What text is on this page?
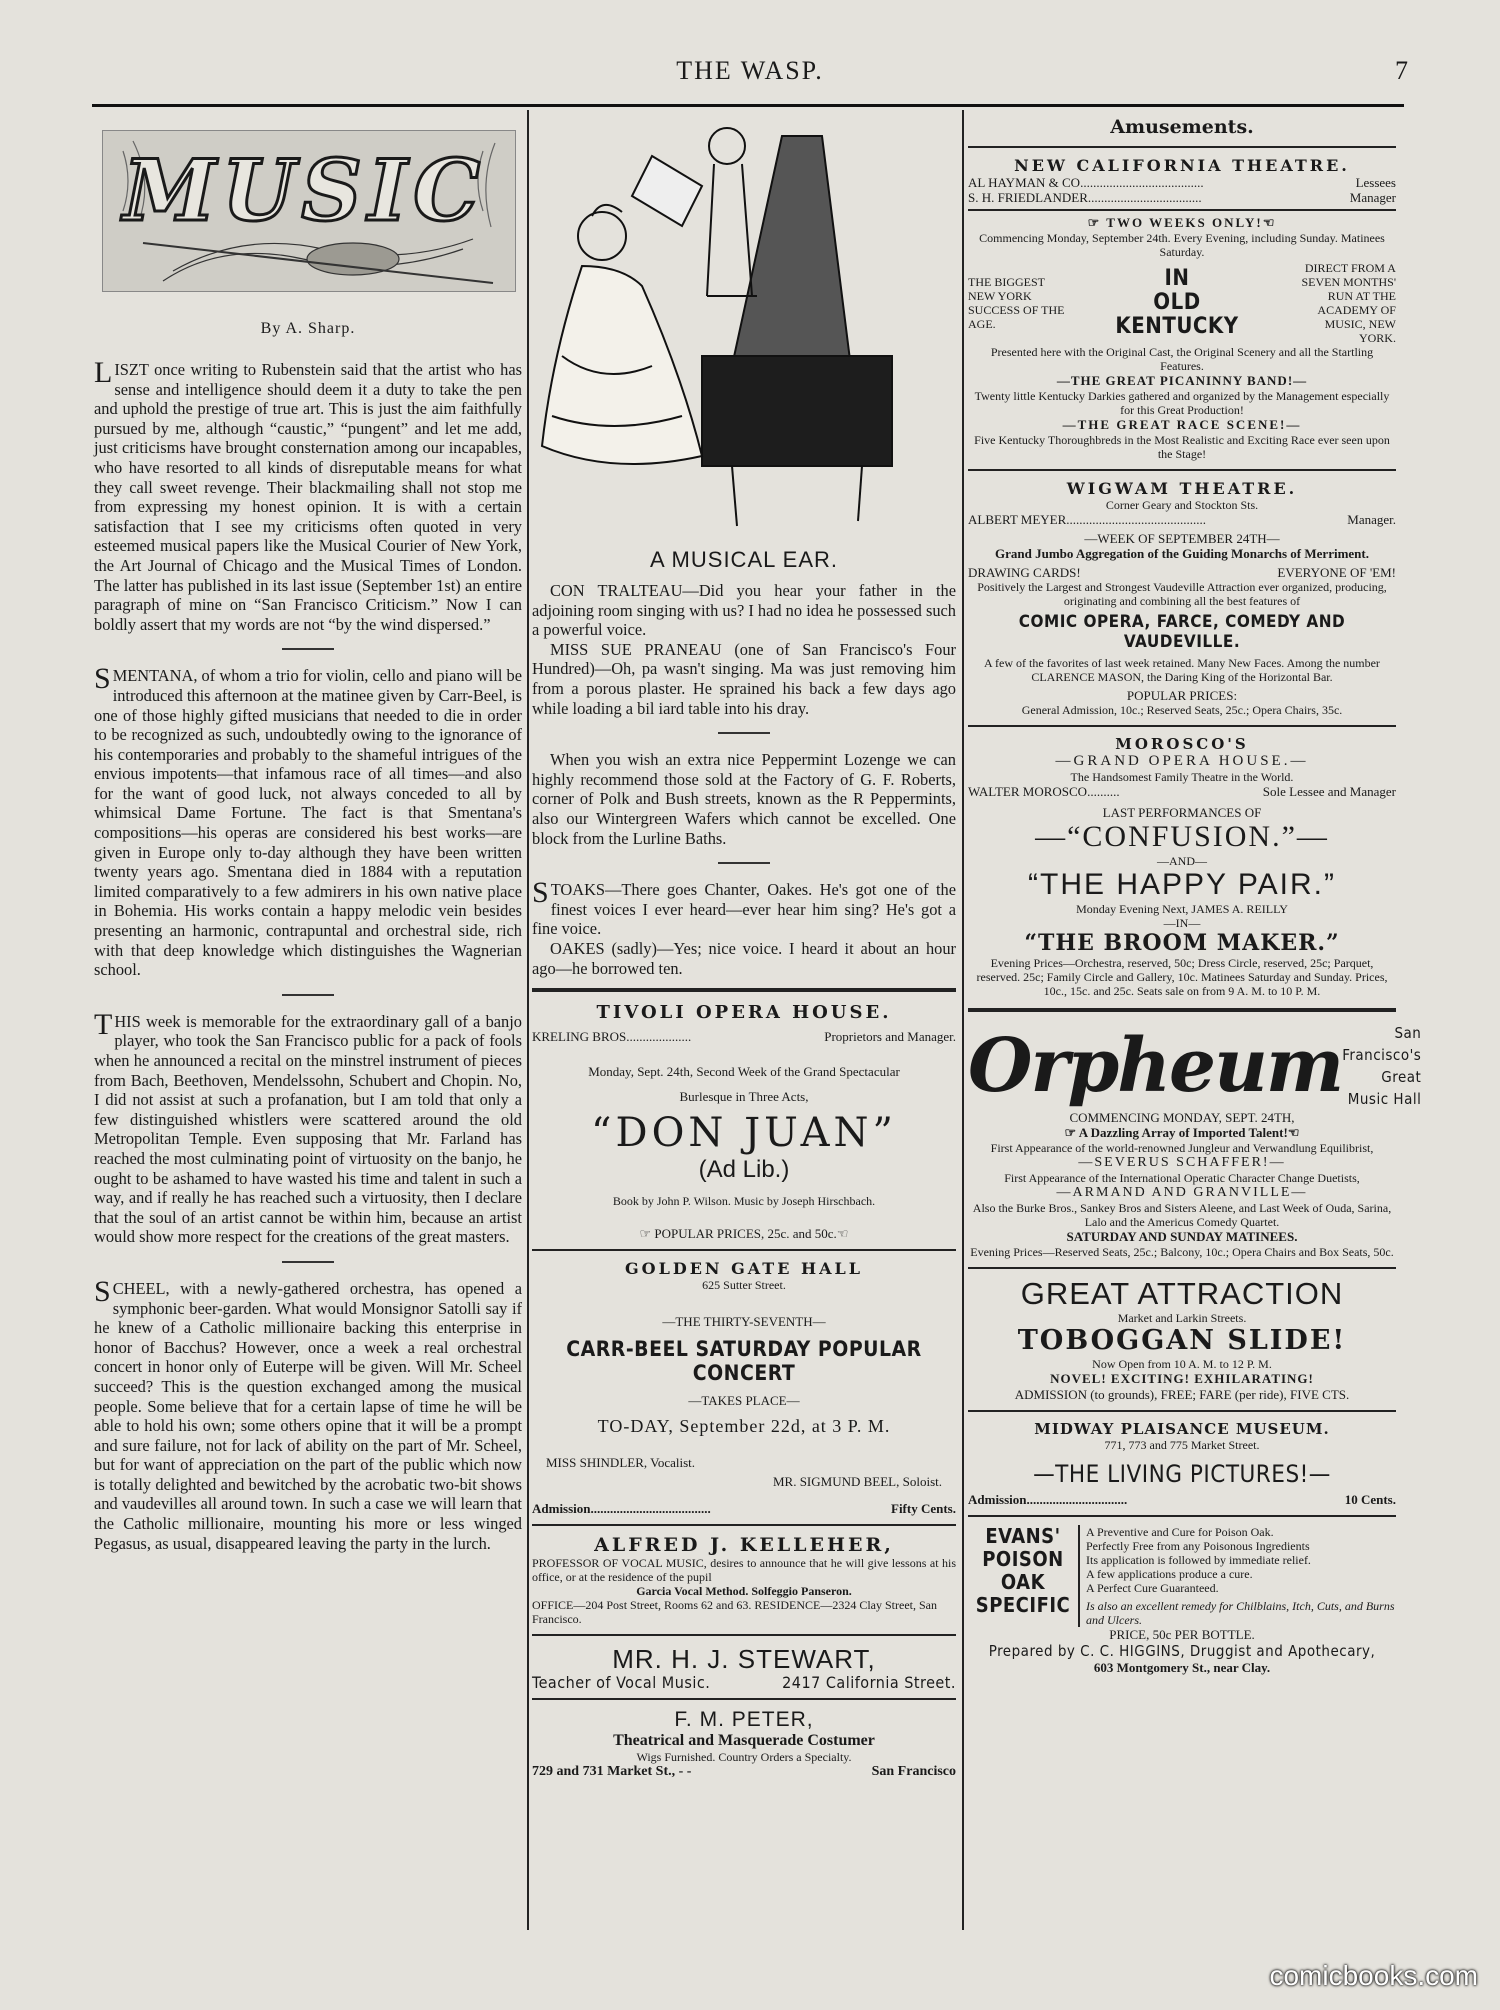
THE WASP.	7
MUSIC
By A. Sharp.

LISZT once writing to Rubenstein said that the artist who has sense and intelligence should deem it a duty to take the pen and uphold the prestige of true art. This is just the aim faithfully pursued by me, although “caustic,” “pungent” and let me add, just criticisms have brought consternation among our incapables, who have resorted to all kinds of disreputable means for what they call sweet revenge. Their blackmailing shall not stop me from expressing my honest opinion. It is with a certain satisfaction that I see my criticisms often quoted in very esteemed musical papers like the Musical Courier of New York, the Art Journal of Chicago and the Musical Times of London. The latter has published in its last issue (September 1st) an entire paragraph of mine on “San Francisco Criticism.” Now I can boldly assert that my words are not “by the wind dispersed.”

SMENTANA, of whom a trio for violin, cello and piano will be introduced this afternoon at the matinee given by Carr-Beel, is one of those highly gifted musicians that needed to die in order to be recognized as such, undoubtedly owing to the ignorance of his contemporaries and probably to the shameful intrigues of the envious impotents—that infamous race of all times—and also for the want of good luck, not always conceded to all by whimsical Dame Fortune. The fact is that Smentana's compositions—his operas are considered his best works—are given in Europe only to-day although they have been written twenty years ago. Smentana died in 1884 with a reputation limited comparatively to a few admirers in his own native place in Bohemia. His works contain a happy melodic vein besides presenting an harmonic, contrapuntal and orchestral side, rich with that deep knowledge which distinguishes the Wagnerian school.

THIS week is memorable for the extraordinary gall of a banjo player, who took the San Francisco public for a pack of fools when he announced a recital on the minstrel instrument of pieces from Bach, Beethoven, Mendelssohn, Schubert and Chopin. No, I did not assist at such a profanation, but I am told that only a few distinguished whistlers were scattered around the old Metropolitan Temple. Even supposing that Mr. Farland has reached the most culminating point of virtuosity on the banjo, he ought to be ashamed to have wasted his time and talent in such a way, and if really he has reached such a virtuosity, then I declare that the soul of an artist cannot be within him, because an artist would show more respect for the creations of the great masters.

SCHEEL, with a newly-gathered orchestra, has opened a symphonic beer-garden. What would Monsignor Satolli say if he knew of a Catholic millionaire backing this enterprise in honor of Bacchus? However, once a week a real orchestral concert in honor only of Euterpe will be given. Will Mr. Scheel succeed? This is the question exchanged among the musical people. Some believe that for a certain lapse of time he will be able to hold his own; some others opine that it will be a prompt and sure failure, not for lack of ability on the part of Mr. Scheel, but for want of appreciation on the part of the public which now is totally delighted and bewitched by the acrobatic two-bit shows and vaudevilles all around town. In such a case we will learn that the Catholic millionaire, mounting his more or less winged Pegasus, as usual, disappeared leaving the party in the lurch.

A MUSICAL EAR.

CON TRALTEAU—Did you hear your father in the adjoining room singing with us? I had no idea he possessed such a powerful voice.

MISS SUE PRANEAU (one of San Francisco's Four Hundred)—Oh, pa wasn't singing. Ma was just removing him from a porous plaster. He sprained his back a few days ago while loading a bil iard table into his dray.

When you wish an extra nice Peppermint Lozenge we can highly recommend those sold at the Factory of G. F. Roberts, corner of Polk and Bush streets, known as the R Peppermints, also our Wintergreen Wafers which cannot be excelled. One block from the Lurline Baths.

STOAKS—There goes Chanter, Oakes. He's got one of the finest voices I ever heard—ever hear him sing? He's got a fine voice.

OAKES (sadly)—Yes; nice voice. I heard it about an hour ago—he borrowed ten.

TIVOLI OPERA HOUSE.
KRELING BROS....................	Proprietors and Manager.
Monday, Sept. 24th, Second Week of the Grand Spectacular
Burlesque in Three Acts,
“DON JUAN”
(Ad Lib.)
Book by John P. Wilson. Music by Joseph Hirschbach.
☞ POPULAR PRICES, 25c. and 50c.☜
GOLDEN GATE HALL
625 Sutter Street.
—THE THIRTY-SEVENTH—
CARR-BEEL SATURDAY POPULAR CONCERT
—TAKES PLACE—
TO-DAY, September 22d, at 3 P. M.
MISS SHINDLER, Vocalist.
MR. SIGMUND BEEL, Soloist.
Admission.....................................	Fifty Cents.
ALFRED J. KELLEHER,
PROFESSOR OF VOCAL MUSIC, desires to announce that he will give lessons at his office, or at the residence of the pupil
Garcia Vocal Method. Solfeggio Panseron.
OFFICE—204 Post Street, Rooms 62 and 63. RESIDENCE—2324 Clay Street, San Francisco.
MR. H. J. STEWART,
Teacher of Vocal Music.	2417 California Street.
F. M. PETER,
Theatrical and Masquerade Costumer
Wigs Furnished. Country Orders a Specialty.
729 and 731 Market St., - -	San Francisco
Amusements.
NEW CALIFORNIA THEATRE.
AL HAYMAN & CO......................................	Lessees
S. H. FRIEDLANDER...................................	Manager
☞ TWO WEEKS ONLY!☜
Commencing Monday, September 24th. Every Evening, including Sunday. Matinees Saturday.
THE BIGGEST NEW YORK SUCCESS OF THE AGE.
IN
OLD
KENTUCKY
DIRECT FROM A SEVEN MONTHS' RUN AT THE ACADEMY OF MUSIC, NEW YORK.
Presented here with the Original Cast, the Original Scenery and all the Startling Features.
—THE GREAT PICANINNY BAND!—
Twenty little Kentucky Darkies gathered and organized by the Management especially for this Great Production!
—THE GREAT RACE SCENE!—
Five Kentucky Thoroughbreds in the Most Realistic and Exciting Race ever seen upon the Stage!
WIGWAM THEATRE.
Corner Geary and Stockton Sts.
ALBERT MEYER...........................................	Manager.
—WEEK OF SEPTEMBER 24TH—
Grand Jumbo Aggregation of the Guiding Monarchs of Merriment.
DRAWING CARDS!	EVERYONE OF 'EM!
Positively the Largest and Strongest Vaudeville Attraction ever organized, producing, originating and combining all the best features of
COMIC OPERA, FARCE, COMEDY AND VAUDEVILLE.
A few of the favorites of last week retained. Many New Faces. Among the number CLARENCE MASON, the Daring King of the Horizontal Bar.
POPULAR PRICES:
General Admission, 10c.; Reserved Seats, 25c.; Opera Chairs, 35c.
MOROSCO'S
—GRAND OPERA HOUSE.—
The Handsomest Family Theatre in the World.
WALTER MOROSCO..........	Sole Lessee and Manager
LAST PERFORMANCES OF
—“CONFUSION.”—
—AND—
“THE HAPPY PAIR.”
Monday Evening Next, JAMES A. REILLY
—IN—
“THE BROOM MAKER.”
Evening Prices—Orchestra, reserved, 50c; Dress Circle, reserved, 25c; Parquet, reserved. 25c; Family Circle and Gallery, 10c. Matinees Saturday and Sunday. Prices, 10c., 15c. and 25c. Seats sale on from 9 A. M. to 10 P. M.
Orpheum	San Francisco's
Great Music Hall
COMMENCING MONDAY, SEPT. 24TH,
☞ A Dazzling Array of Imported Talent!☜
First Appearance of the world-renowned Jungleur and Verwandlung Equilibrist,
—SEVERUS SCHAFFER!—
First Appearance of the International Operatic Character Change Duetists,
—ARMAND AND GRANVILLE—
Also the Burke Bros., Sankey Bros and Sisters Aleene, and Last Week of Ouda, Sarina, Lalo and the Americus Comedy Quartet.
SATURDAY AND SUNDAY MATINEES.
Evening Prices—Reserved Seats, 25c.; Balcony, 10c.; Opera Chairs and Box Seats, 50c.
GREAT ATTRACTION
Market and Larkin Streets.
TOBOGGAN SLIDE!
Now Open from 10 A. M. to 12 P. M.
NOVEL! EXCITING! EXHILARATING!
ADMISSION (to grounds), FREE; FARE (per ride), FIVE CTS.
MIDWAY PLAISANCE MUSEUM.
771, 773 and 775 Market Street.
—THE LIVING PICTURES!—
Admission...............................	10 Cents.
EVANS' POISON OAK SPECIFIC
A Preventive and Cure for Poison Oak.
Perfectly Free from any Poisonous Ingredients
Its application is followed by immediate relief.
A few applications produce a cure.
A Perfect Cure Guaranteed.
Is also an excellent remedy for Chilblains, Itch, Cuts, and Burns and Ulcers.
PRICE, 50c PER BOTTLE.
Prepared by C. C. HIGGINS, Druggist and Apothecary,
603 Montgomery St., near Clay.
comicbooks.com
